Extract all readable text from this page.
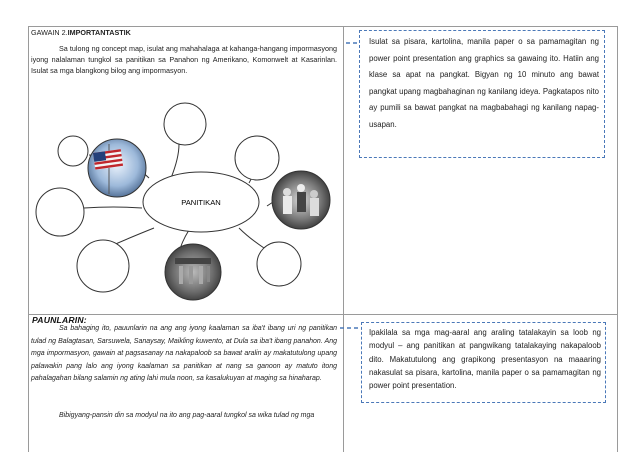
GAWAIN 2.IMPORTANTASTIK
Sa tulong ng concept map, isulat ang mahahalaga at kahanga-hangang impormasyong iyong nalalaman tungkol sa panitikan sa Panahon ng Amerikano, Komonwelt at Kasarinlan. Isulat sa mga blangkong bilog ang impormasyon.
PANITIKAN
Isulat sa pisara, kartolina, manila paper o sa pamamagitan ng power point presentation ang graphics sa gawaing ito. Hatiin ang klase sa apat na pangkat. Bigyan ng 10 minuto ang bawat pangkat upang magbahaginan ng kanilang ideya. Pagkatapos nito ay pumili sa bawat pangkat na magbabahagi ng kanilang napag-usapan.
PAUNLARIN:
Sa bahaging ito, pauunlarin na ang ang iyong kaalaman sa iba't ibang uri ng panitikan tulad ng Balagtasan, Sarsuwela, Sanaysay, Maikling kuwento, at Dula sa iba't ibang panahon. Ang mga impormasyon, gawain at pagsasanay na nakapaloob sa bawat aralin ay makatutulong upang palawakin pang lalo ang iyong kaalaman sa panitikan at nang sa ganoon ay matuto itong pahalagahan bilang salamin ng ating lahi mula noon, sa kasalukuyan at maging sa hinaharap.
Bibigyang-pansin din sa modyul na ito ang pag-aaral tungkol sa wika tulad ng mga
Ipakilala sa mga mag-aaral ang araling tatalakayin sa loob ng modyul – ang panitikan at pangwikang tatalakaying nakapaloob dito. Makatutulong ang grapikong presentasyon na maaaring nakasulat sa pisara, kartolina, manila paper o sa pamamagitan ng power point presentation.
